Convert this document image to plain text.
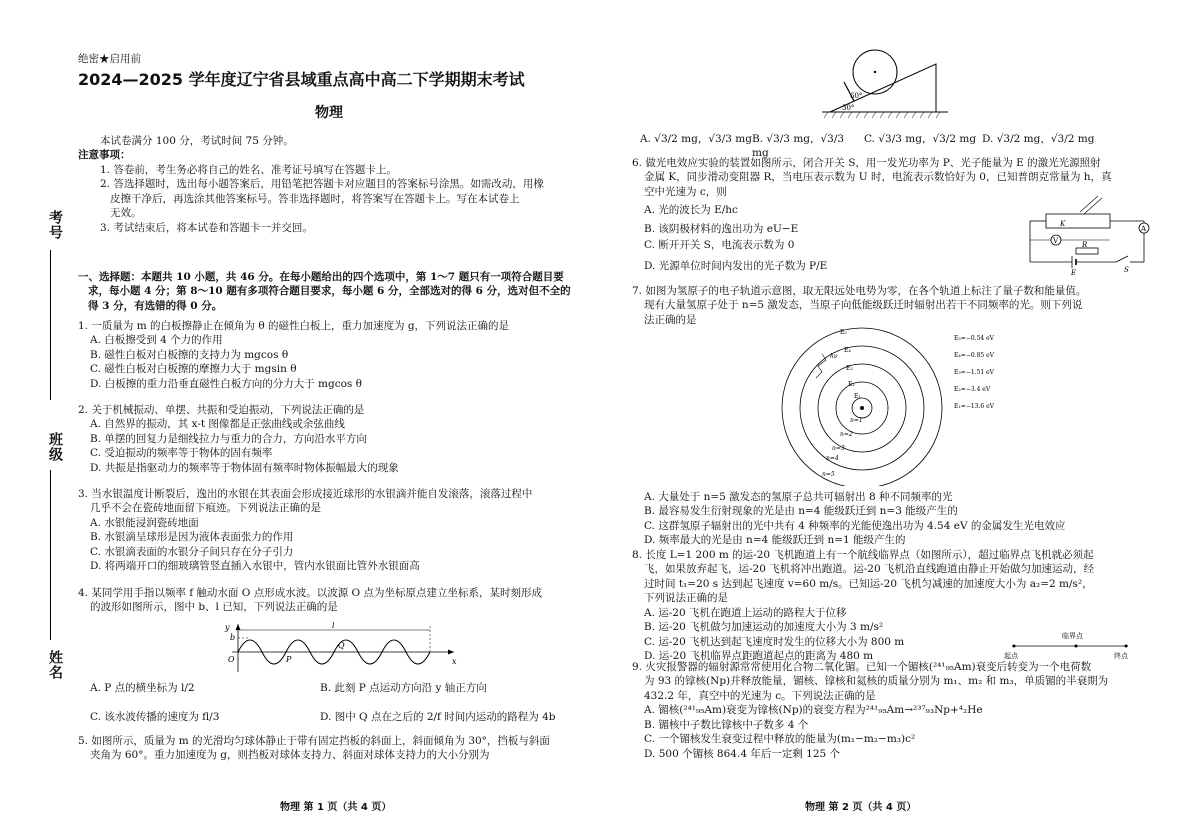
考号
班级
姓名
绝密★启用前
2024—2025 学年度辽宁省县域重点高中高二下学期期末考试
物理

本试卷满分 100 分，考试时间 75 分钟。

注意事项：

1. 答卷前，考生务必将自己的姓名、准考证号填写在答题卡上。

2. 答选择题时，选出每小题答案后，用铅笔把答题卡对应题目的答案标号涂黑。如需改动，用橡

皮擦干净后，再选涂其他答案标号。答非选择题时，将答案写在答题卡上。写在本试卷上

无效。

3. 考试结束后，将本试卷和答题卡一并交回。

一、选择题：本题共 10 小题，共 46 分。在每小题给出的四个选项中，第 1～7 题只有一项符合题目要

求，每小题 4 分；第 8～10 题有多项符合题目要求，每小题 6 分，全部选对的得 6 分，选对但不全的

得 3 分，有选错的得 0 分。

1. 一质量为 m 的白板擦静止在倾角为 θ 的磁性白板上，重力加速度为 g，下列说法正确的是

A. 白板擦受到 4 个力的作用

B. 磁性白板对白板擦的支持力为 mgcos θ

C. 磁性白板对白板擦的摩擦力大于 mgsin θ

D. 白板擦的重力沿垂直磁性白板方向的分力大于 mgcos θ

2. 关于机械振动、单摆、共振和受迫振动，下列说法正确的是

A. 自然界的振动，其 x-t 图像都是正弦曲线或余弦曲线

B. 单摆的回复力是细线拉力与重力的合力，方向沿水平方向

C. 受迫振动的频率等于物体的固有频率

D. 共振是指驱动力的频率等于物体固有频率时物体振幅最大的现象

3. 当水银温度计断裂后，逸出的水银在其表面会形成接近球形的水银滴并能自发滚落，滚落过程中

几乎不会在瓷砖地面留下痕迹。下列说法正确的是

A. 水银能浸润瓷砖地面

B. 水银滴呈球形是因为液体表面张力的作用

C. 水银滴表面的水银分子间只存在分子引力

D. 将两端开口的细玻璃管竖直插入水银中，管内水银面比管外水银面高

4. 某同学用手指以频率 f 触动水面 O 点形成水波。以波源 O 点为坐标原点建立坐标系，某时刻形成

的波形如图所示，图中 b、l 已知，下列说法正确的是

y
b
O	P
Q
l
x
A. P 点的横坐标为 l/2	B. 此刻 P 点运动方向沿 y 轴正方向
C. 该水波传播的速度为 fl/3	D. 图中 Q 点在之后的 2/f 时间内运动的路程为 4b

5. 如图所示，质量为 m 的光滑均匀球体静止于带有固定挡板的斜面上，斜面倾角为 30°，挡板与斜面

夹角为 60°。重力加速度为 g，则挡板对球体支持力、斜面对球体支持力的大小分别为

物理 第 1 页（共 4 页）
60°
30°
A. √3/2 mg，√3/3 mg B. √3/3 mg，√3/3 mg
C. √3/3 mg，√3/2 mg D. √3/2 mg，√3/2 mg

6. 做光电效应实验的装置如图所示，闭合开关 S，用一发光功率为 P、光子能量为 E 的激光光源照射

金属 K，同步滑动变阻器 R，当电压表示数为 U 时，电流表示数恰好为 0，已知普朗克常量为 h，真

空中光速为 c，则

A. 光的波长为 E/hc

B. 该阴极材料的逸出功为 eU−E

C. 断开开关 S，电流表示数为 0

D. 光源单位时间内发出的光子数为 P/E

A
V
K
R
E	S

7. 如图为氢原子的电子轨道示意图，取无限远处电势为零，在各个轨道上标注了量子数和能量值。

现有大量氢原子处于 n=5 激发态，当原子向低能级跃迁时辐射出若干不同频率的光。则下列说

法正确的是

hν
E₅
E₄
E₃
E₂
E₁
n=1
n=2
n=3
n=4
n=5
E₅=−0.54 eV
E₄=−0.85 eV
E₃=−1.51 eV
E₂=−3.4 eV
E₁=−13.6 eV

A. 大量处于 n=5 激发态的氢原子总共可辐射出 8 种不同频率的光

B. 最容易发生衍射现象的光是由 n=4 能级跃迁到 n=3 能级产生的

C. 这群氢原子辐射出的光中共有 4 种频率的光能使逸出功为 4.54 eV 的金属发生光电效应

D. 频率最大的光是由 n=4 能级跃迁到 n=1 能级产生的

8. 长度 L=1 200 m 的运-20 飞机跑道上有一个航线临界点（如图所示），超过临界点飞机就必须起

飞，如果放弃起飞，运-20 飞机将冲出跑道。运-20 飞机沿直线跑道由静止开始做匀加速运动，经

过时间 t₁=20 s 达到起飞速度 v=60 m/s。已知运-20 飞机匀减速的加速度大小为 a₂=2 m/s²，

下列说法正确的是

A. 运-20 飞机在跑道上运动的路程大于位移

B. 运-20 飞机做匀加速运动的加速度大小为 3 m/s²

C. 运-20 飞机达到起飞速度时发生的位移大小为 800 m

D. 运-20 飞机临界点距跑道起点的距离为 480 m

临界点
起点	终点

9. 火灾报警器的辐射源常常使用化合物二氧化镅。已知一个镅核(²⁴¹₉₅Am)衰变后转变为一个电荷数

为 93 的镎核(Np)并释放能量，镅核、镎核和氦核的质量分别为 m₁、m₂ 和 m₃，单质镅的半衰期为

432.2 年，真空中的光速为 c。下列说法正确的是

A. 镅核(²⁴¹₉₅Am)衰变为镎核(Np)的衰变方程为²⁴¹₉₅Am→²³⁷₉₃Np+⁴₂He

B. 镅核中子数比镎核中子数多 4 个

C. 一个镅核发生衰变过程中释放的能量为(m₁−m₂−m₃)c²

D. 500 个镅核 864.4 年后一定剩 125 个

物理 第 2 页（共 4 页）
